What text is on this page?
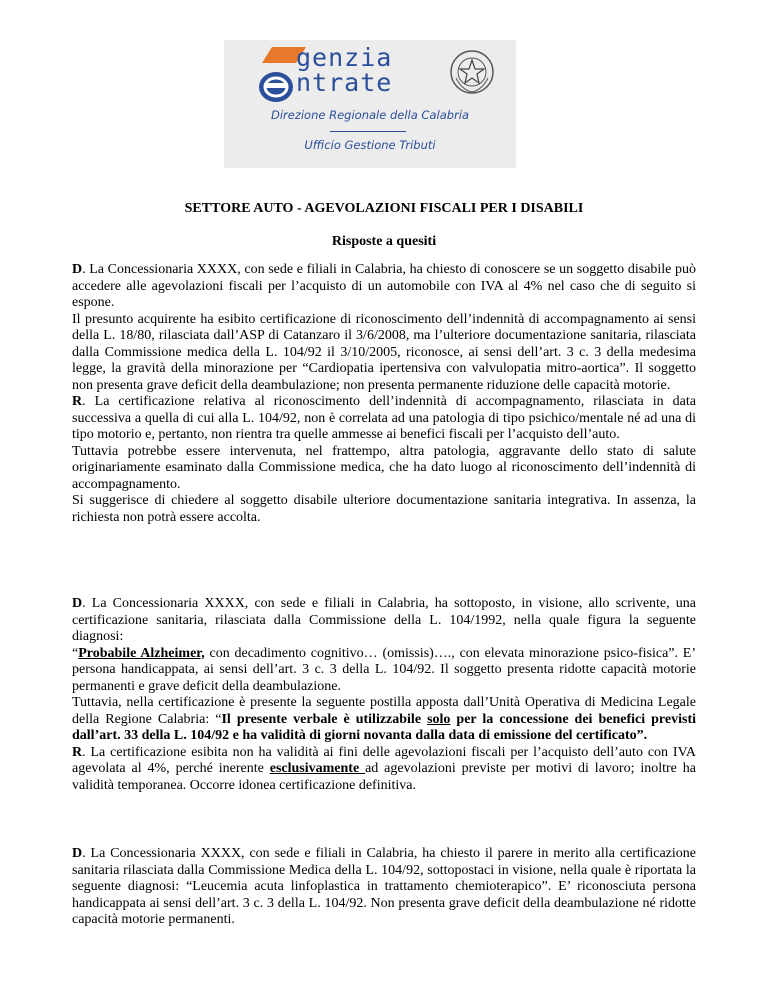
genzia
ntrate
Direzione Regionale della Calabria
Ufficio Gestione Tributi
SETTORE AUTO - AGEVOLAZIONI FISCALI PER I DISABILI
Risposte a quesiti

D. La Concessionaria XXXX, con sede e filiali in Calabria, ha chiesto di conoscere se un soggetto disabile può accedere alle agevolazioni fiscali per l’acquisto di un automobile con IVA al 4% nel caso che di seguito si espone.

Il presunto acquirente ha esibito certificazione di riconoscimento dell’indennità di accompagnamento ai sensi della L. 18/80, rilasciata dall’ASP di Catanzaro il 3/6/2008, ma l’ulteriore documentazione sanitaria, rilasciata dalla Commissione medica della L. 104/92 il 3/10/2005, riconosce, ai sensi dell’art. 3 c. 3 della medesima legge, la gravità della minorazione per “Cardiopatia ipertensiva con valvulopatia mitro-aortica”. Il soggetto non presenta grave deficit della deambulazione; non presenta permanente riduzione delle capacità motorie.

R. La certificazione relativa al riconoscimento dell’indennità di accompagnamento, rilasciata in data successiva a quella di cui alla L. 104/92, non è correlata ad una patologia di tipo psichico/mentale né ad una di tipo motorio e, pertanto, non rientra tra quelle ammesse ai benefici fiscali per l’acquisto dell’auto.

Tuttavia potrebbe essere intervenuta, nel frattempo, altra patologia, aggravante dello stato di salute originariamente esaminato dalla Commissione medica, che ha dato luogo al riconoscimento dell’indennità di accompagnamento.

Si suggerisce di chiedere al soggetto disabile ulteriore documentazione sanitaria integrativa. In assenza, la richiesta non potrà essere accolta.

D. La Concessionaria XXXX, con sede e filiali in Calabria, ha sottoposto, in visione, allo scrivente, una certificazione sanitaria, rilasciata dalla Commissione della L. 104/1992, nella quale figura la seguente diagnosi:

“Probabile Alzheimer, con decadimento cognitivo… (omissis)…., con elevata minorazione psico-fisica”. E’ persona handicappata, ai sensi dell’art. 3 c. 3 della L. 104/92. Il soggetto presenta ridotte capacità motorie permanenti e grave deficit della deambulazione.

Tuttavia, nella certificazione è presente la seguente postilla apposta dall’Unità Operativa di Medicina Legale della Regione Calabria: “Il presente verbale è utilizzabile solo per la concessione dei benefici previsti dall’art. 33 della L. 104/92 e ha validità di giorni novanta dalla data di emissione del certificato”.

R. La certificazione esibita non ha validità ai fini delle agevolazioni fiscali per l’acquisto dell’auto con IVA agevolata al 4%, perché inerente esclusivamente ad agevolazioni previste per motivi di lavoro; inoltre ha validità temporanea. Occorre idonea certificazione definitiva.

D. La Concessionaria XXXX, con sede e filiali in Calabria, ha chiesto il parere in merito alla certificazione sanitaria rilasciata dalla Commissione Medica della L. 104/92, sottopostaci in visione, nella quale è riportata la seguente diagnosi: “Leucemia acuta linfoplastica in trattamento chemioterapico”. E’ riconosciuta persona handicappata ai sensi dell’art. 3 c. 3 della L. 104/92. Non presenta grave deficit della deambulazione né ridotte capacità motorie permanenti.
